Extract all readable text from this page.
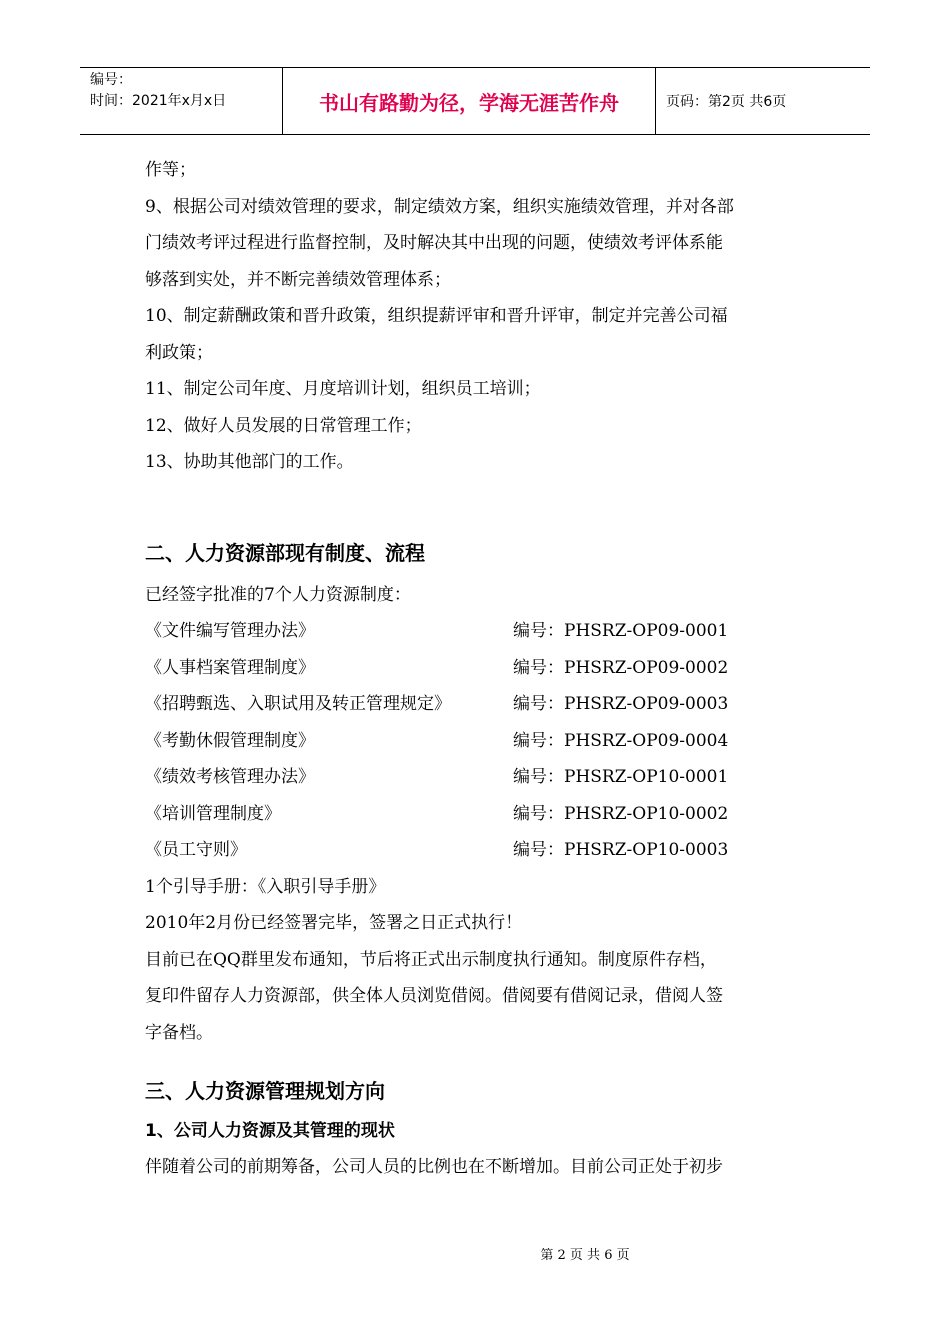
编号：
时间：2021年x月x日	书山有路勤为径，学海无涯苦作舟	页码：第2页 共6页

作等；

9、根据公司对绩效管理的要求，制定绩效方案，组织实施绩效管理，并对各部

门绩效考评过程进行监督控制，及时解决其中出现的问题，使绩效考评体系能

够落到实处，并不断完善绩效管理体系；

10、制定薪酬政策和晋升政策，组织提薪评审和晋升评审，制定并完善公司福

利政策；

11、制定公司年度、月度培训计划，组织员工培训；

12、做好人员发展的日常管理工作；

13、协助其他部门的工作。

二、人力资源部现有制度、流程

已经签字批准的7个人力资源制度：

《文件编写管理办法》	编号：PHSRZ-OP09-0001
《人事档案管理制度》	编号：PHSRZ-OP09-0002
《招聘甄选、入职试用及转正管理规定》	编号：PHSRZ-OP09-0003
《考勤休假管理制度》	编号：PHSRZ-OP09-0004
《绩效考核管理办法》	编号：PHSRZ-OP10-0001
《培训管理制度》	编号：PHSRZ-OP10-0002
《员工守则》	编号：PHSRZ-OP10-0003

1个引导手册：《入职引导手册》

2010年2月份已经签署完毕，签署之日正式执行！

目前已在QQ群里发布通知，节后将正式出示制度执行通知。制度原件存档，

复印件留存人力资源部，供全体人员浏览借阅。借阅要有借阅记录，借阅人签

字备档。

三、人力资源管理规划方向
1、公司人力资源及其管理的现状

伴随着公司的前期筹备，公司人员的比例也在不断增加。目前公司正处于初步

第 2 页 共 6 页
